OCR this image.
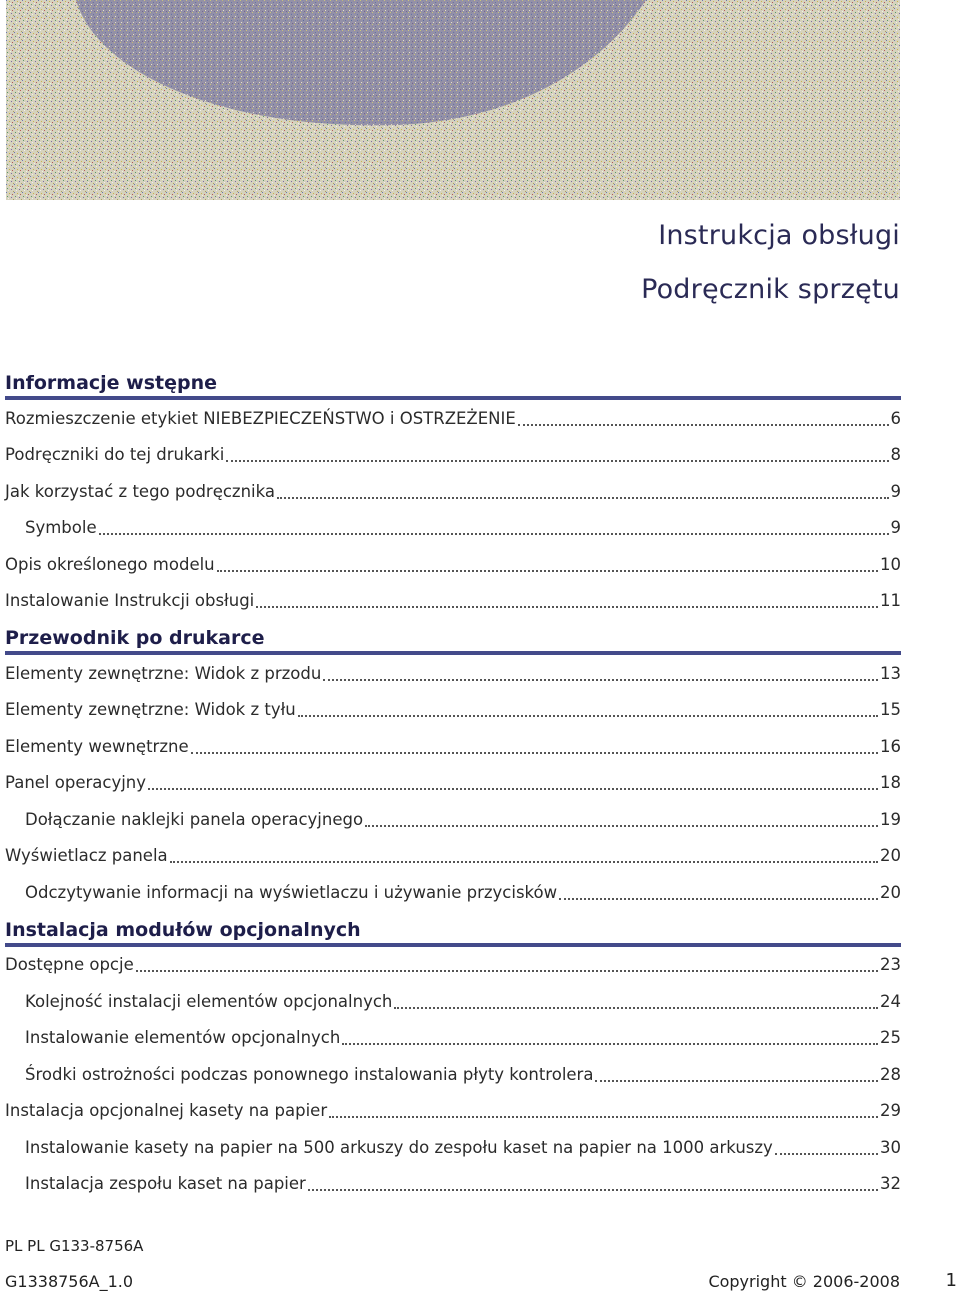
Instrukcja obsługi
Podręcznik sprzętu
Informacje wstępne
Rozmieszczenie etykiet NIEBEZPIECZEŃSTWO i OSTRZEŻENIE	6
Podręczniki do tej drukarki	8
Jak korzystać z tego podręcznika	9
Symbole	9
Opis określonego modelu	10
Instalowanie Instrukcji obsługi	11
Przewodnik po drukarce
Elementy zewnętrzne: Widok z przodu	13
Elementy zewnętrzne: Widok z tyłu	15
Elementy wewnętrzne	16
Panel operacyjny	18
Dołączanie naklejki panela operacyjnego	19
Wyświetlacz panela	20
Odczytywanie informacji na wyświetlaczu i używanie przycisków	20
Instalacja modułów opcjonalnych
Dostępne opcje	23
Kolejność instalacji elementów opcjonalnych	24
Instalowanie elementów opcjonalnych	25
Środki ostrożności podczas ponownego instalowania płyty kontrolera	28
Instalacja opcjonalnej kasety na papier	29
Instalowanie kasety na papier na 500 arkuszy do zespołu kaset na papier na 1000 arkuszy	30
Instalacja zespołu kaset na papier	32
PL PL G133-8756A
G1338756A_1.0	Copyright © 2006-2008	1
